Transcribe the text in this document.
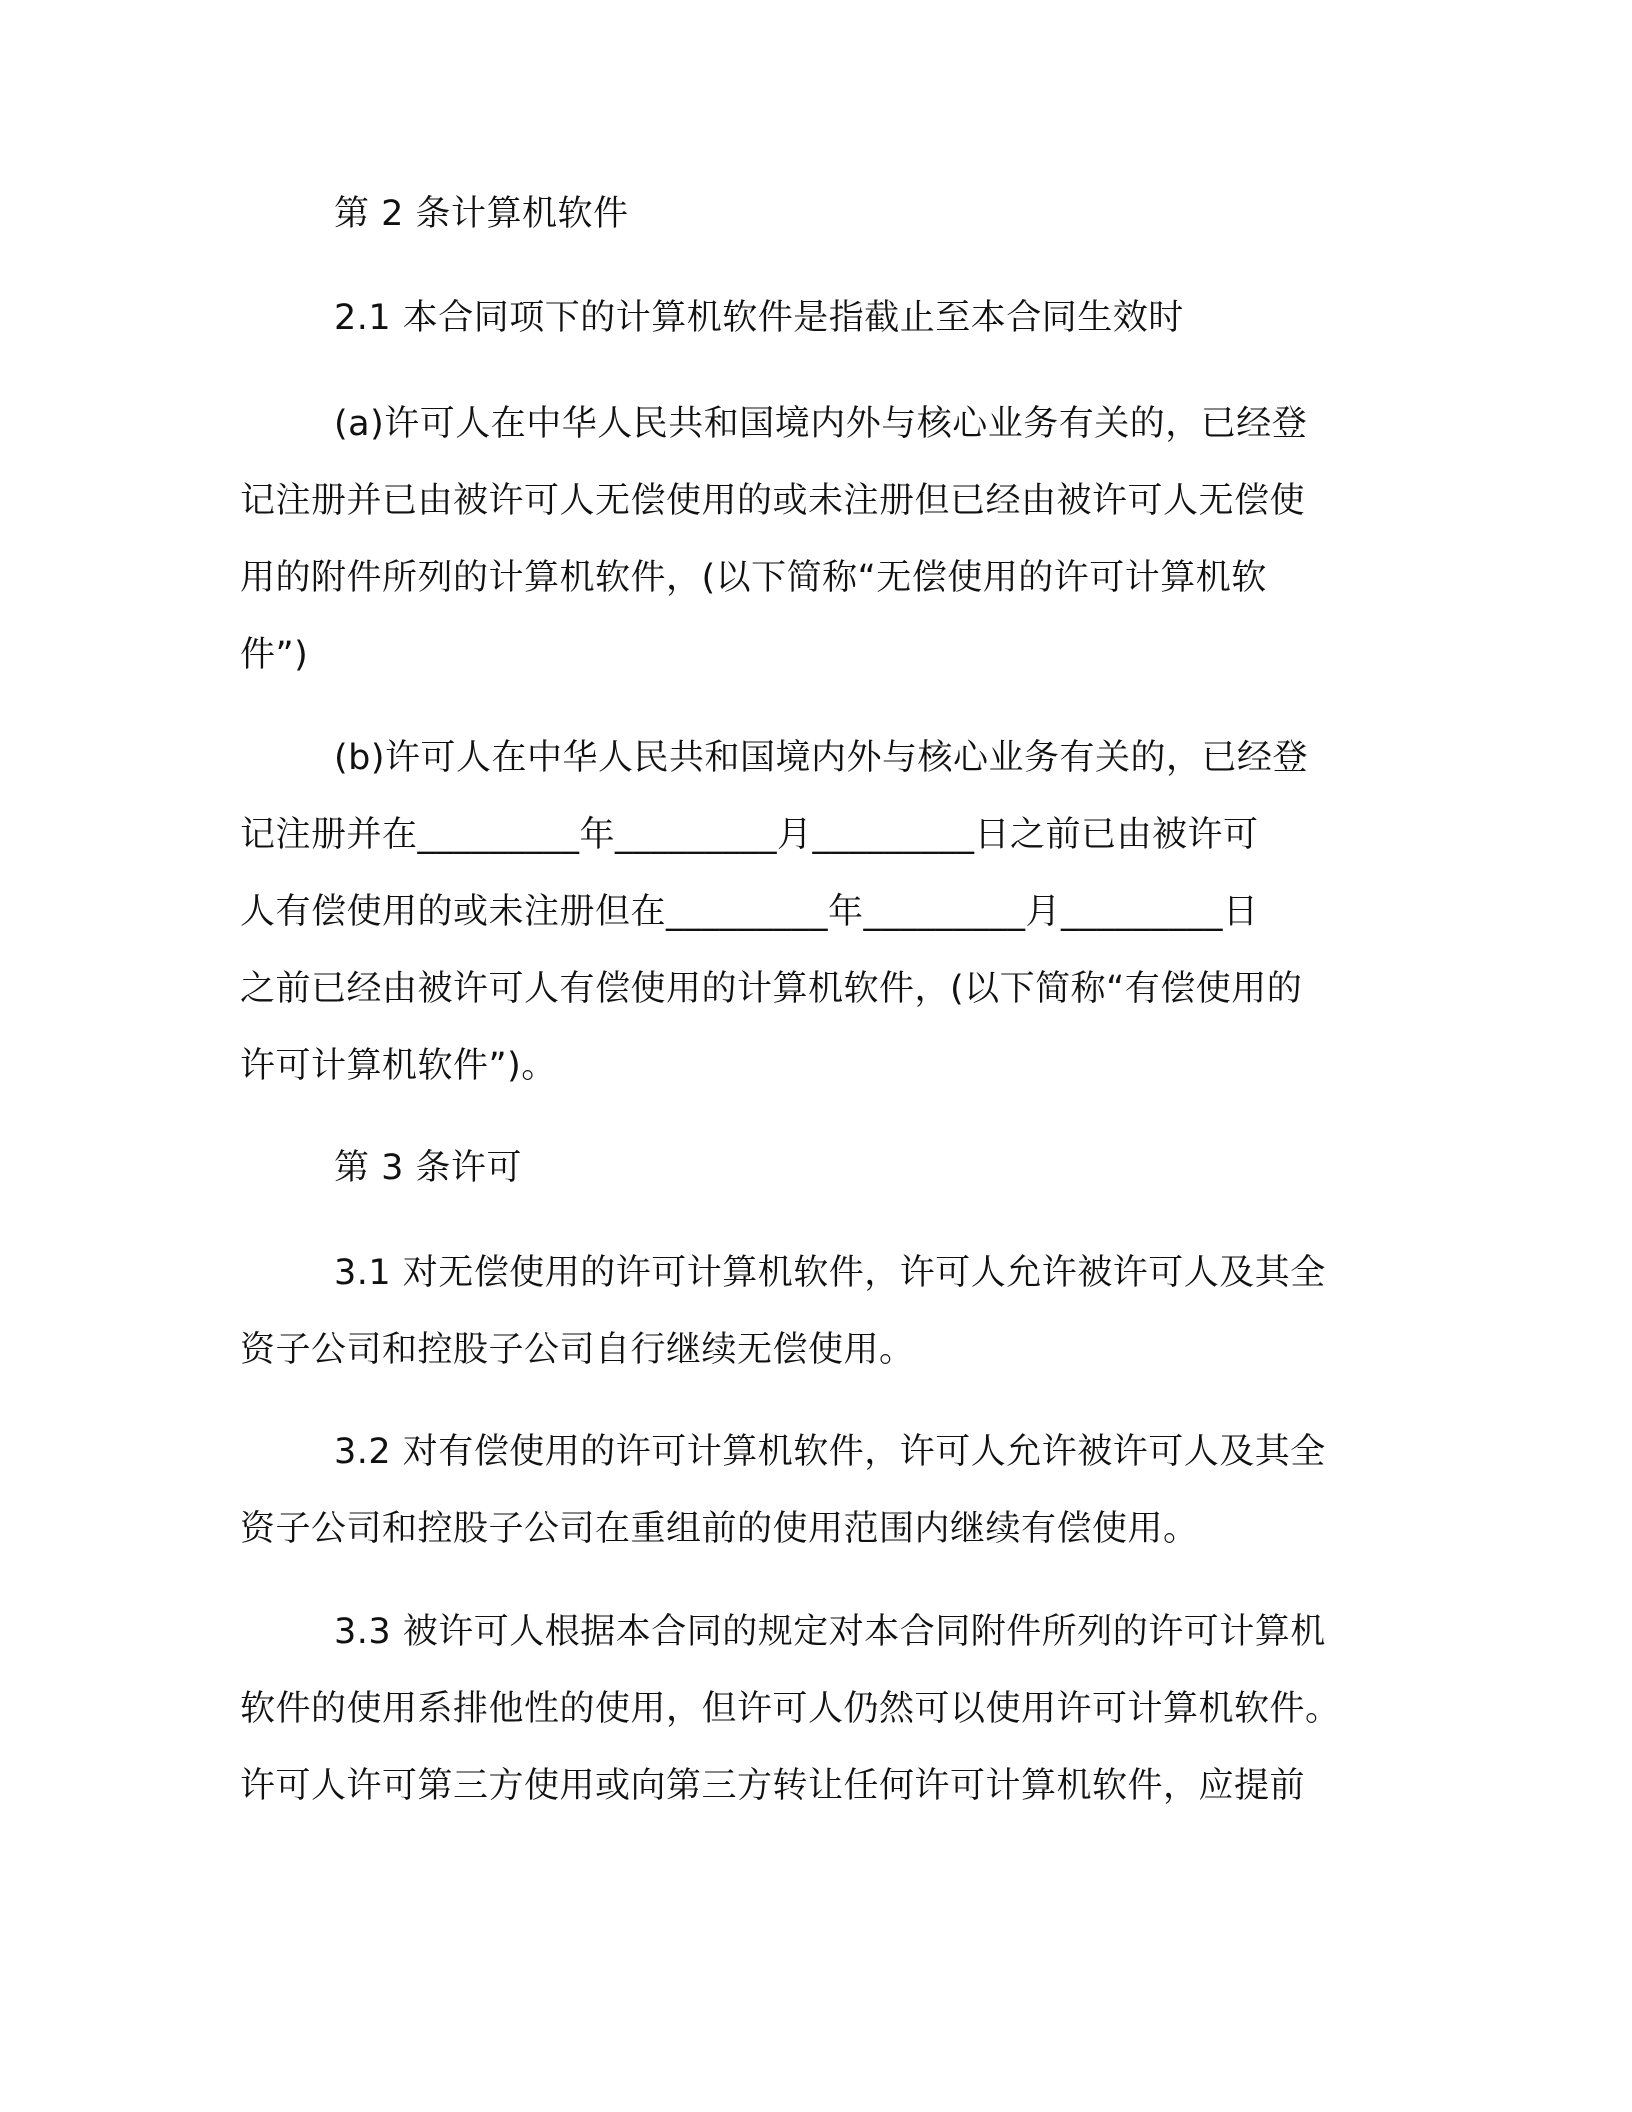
第 2 条计算机软件

2.1 本合同项下的计算机软件是指截止至本合同生效时

(a)许可人在中华人民共和国境内外与核心业务有关的，已经登
记注册并已由被许可人无偿使用的或未注册但已经由被许可人无偿使
用的附件所列的计算机软件，(以下简称“无偿使用的许可计算机软
件”)
(b)许可人在中华人民共和国境内外与核心业务有关的，已经登
记注册并在_________年_________月_________日之前已由被许可
人有偿使用的或未注册但在_________年_________月_________日
之前已经由被许可人有偿使用的计算机软件，(以下简称“有偿使用的
许可计算机软件”)。

第 3 条许可

3.1 对无偿使用的许可计算机软件，许可人允许被许可人及其全
资子公司和控股子公司自行继续无偿使用。
3.2 对有偿使用的许可计算机软件，许可人允许被许可人及其全
资子公司和控股子公司在重组前的使用范围内继续有偿使用。
3.3 被许可人根据本合同的规定对本合同附件所列的许可计算机
软件的使用系排他性的使用，但许可人仍然可以使用许可计算机软件。
许可人许可第三方使用或向第三方转让任何许可计算机软件，应提前
